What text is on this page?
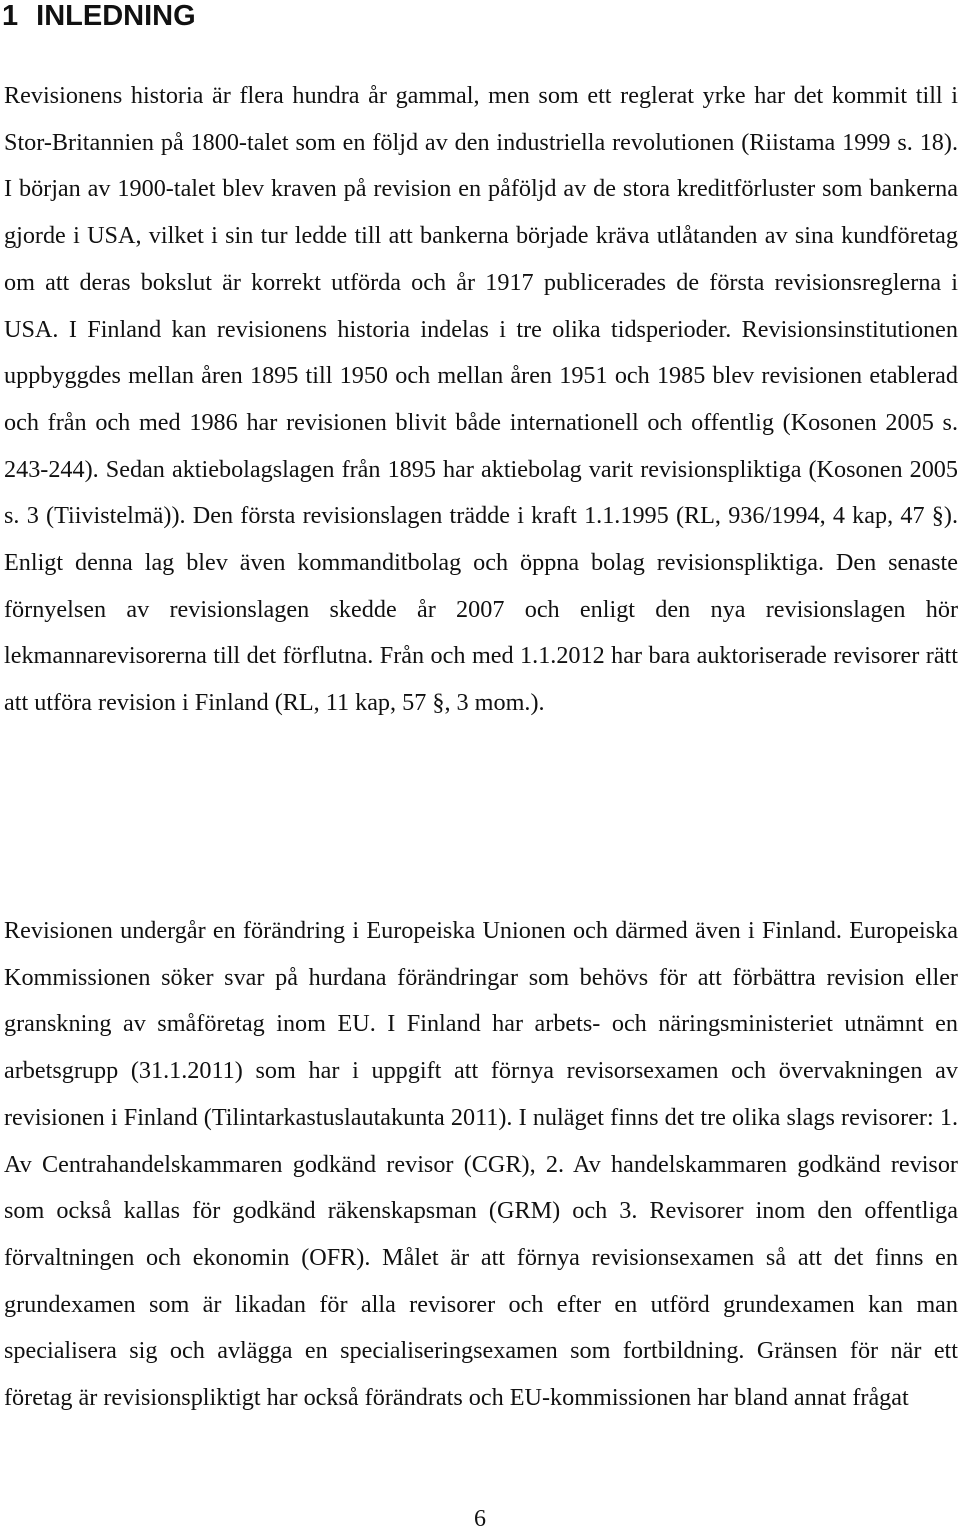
1 INLEDNING

Revisionens historia är flera hundra år gammal, men som ett reglerat yrke har det kommit till i Stor-Britannien på 1800-talet som en följd av den industriella revolutionen (Riistama 1999 s. 18). I början av 1900-talet blev kraven på revision en påföljd av de stora kreditförluster som bankerna gjorde i USA, vilket i sin tur ledde till att bankerna började kräva utlåtanden av sina kundföretag om att deras bokslut är korrekt utförda och år 1917 publicerades de första revisionsreglerna i USA. I Finland kan revisionens historia indelas i tre olika tidsperioder. Revisionsinstitutionen uppbyggdes mellan åren 1895 till 1950 och mellan åren 1951 och 1985 blev revisionen etablerad och från och med 1986 har revisionen blivit både internationell och offentlig (Kosonen 2005 s. 243-244). Sedan aktiebolagslagen från 1895 har aktiebolag varit revisionspliktiga (Kosonen 2005 s. 3 (Tiivistelmä)). Den första revisionslagen trädde i kraft 1.1.1995 (RL, 936/1994, 4 kap, 47 §). Enligt denna lag blev även kommanditbolag och öppna bolag revisionspliktiga. Den senaste förnyelsen av revisionslagen skedde år 2007 och enligt den nya revisionslagen hör lekmannarevisorerna till det förflutna. Från och med 1.1.2012 har bara auktoriserade revisorer rätt att utföra revision i Finland (RL, 11 kap, 57 §, 3 mom.).

Revisionen undergår en förändring i Europeiska Unionen och därmed även i Finland. Europeiska Kommissionen söker svar på hurdana förändringar som behövs för att förbättra revision eller granskning av småföretag inom EU. I Finland har arbets- och näringsministeriet utnämnt en arbetsgrupp (31.1.2011) som har i uppgift att förnya revisorsexamen och övervakningen av revisionen i Finland (Tilintarkastuslautakunta 2011). I nuläget finns det tre olika slags revisorer: 1. Av Centrahandelskammaren godkänd revisor (CGR), 2. Av handelskammaren godkänd revisor som också kallas för godkänd räkenskapsman (GRM) och 3. Revisorer inom den offentliga förvaltningen och ekonomin (OFR). Målet är att förnya revisionsexamen så att det finns en grundexamen som är likadan för alla revisorer och efter en utförd grundexamen kan man specialisera sig och avlägga en specialiseringsexamen som fortbildning. Gränsen för när ett företag är revisionspliktigt har också förändrats och EU-kommissionen har bland annat frågat

6
